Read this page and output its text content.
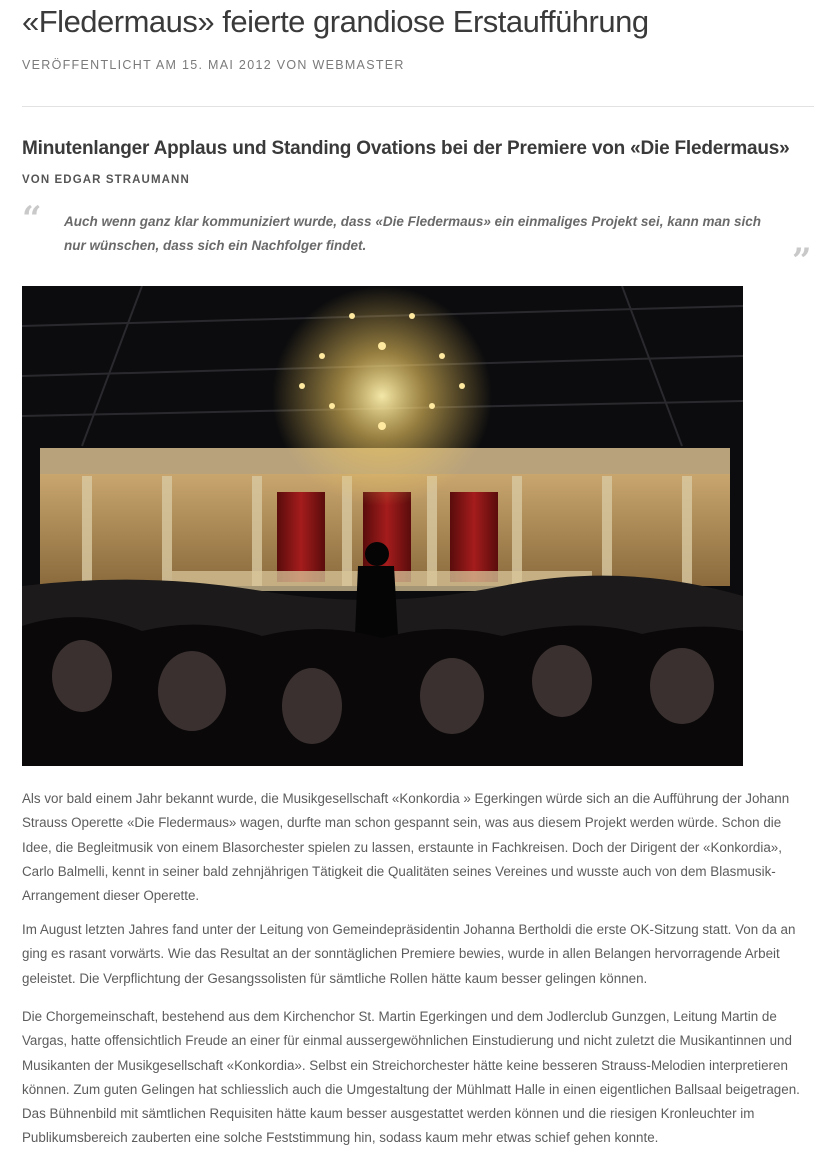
«Fledermaus» feierte grandiose Erstaufführung
VERÖFFENTLICHT AM 15. MAI 2012 VON WEBMASTER
Minutenlanger Applaus und Standing Ovations bei der Premiere von «Die Fledermaus»
VON EDGAR STRAUMANN
“ Auch wenn ganz klar kommuniziert wurde, dass «Die Fledermaus» ein einmaliges Projekt sei, kann man sich nur wünschen, dass sich ein Nachfolger findet.	”

Als vor bald einem Jahr bekannt wurde, die Musikgesellschaft «Konkordia » Egerkingen würde sich an die Aufführung der Johann Strauss Operette «Die Fledermaus» wagen, durfte man schon gespannt sein, was aus diesem Projekt werden würde. Schon die Idee, die Begleitmusik von einem Blasorchester spielen zu lassen, erstaunte in Fachkreisen. Doch der Dirigent der «Konkordia», Carlo Balmelli, kennt in seiner bald zehnjährigen Tätigkeit die Qualitäten seines Vereines und wusste auch von dem Blasmusik-Arrangement dieser Operette.

Im August letzten Jahres fand unter der Leitung von Gemeindepräsidentin Johanna Bertholdi die erste OK-Sitzung statt. Von da an ging es rasant vorwärts. Wie das Resultat an der sonntäglichen Premiere bewies, wurde in allen Belangen hervorragende Arbeit geleistet. Die Verpflichtung der Gesangssolisten für sämtliche Rollen hätte kaum besser gelingen können.

Die Chorgemeinschaft, bestehend aus dem Kirchenchor St. Martin Egerkingen und dem Jodlerclub Gunzgen, Leitung Martin de Vargas, hatte offensichtlich Freude an einer für einmal aussergewöhnlichen Einstudierung und nicht zuletzt die Musikantinnen und Musikanten der Musikgesellschaft «Konkordia». Selbst ein Streichorchester hätte keine besseren Strauss-Melodien interpretieren können. Zum guten Gelingen hat schliesslich auch die Umgestaltung der Mühlmatt Halle in einen eigentlichen Ballsaal beigetragen. Das Bühnenbild mit sämtlichen Requisiten hätte kaum besser ausgestattet werden können und die riesigen Kronleuchter im Publikumsbereich zauberten eine solche Feststimmung hin, sodass kaum mehr etwas schief gehen konnte.
